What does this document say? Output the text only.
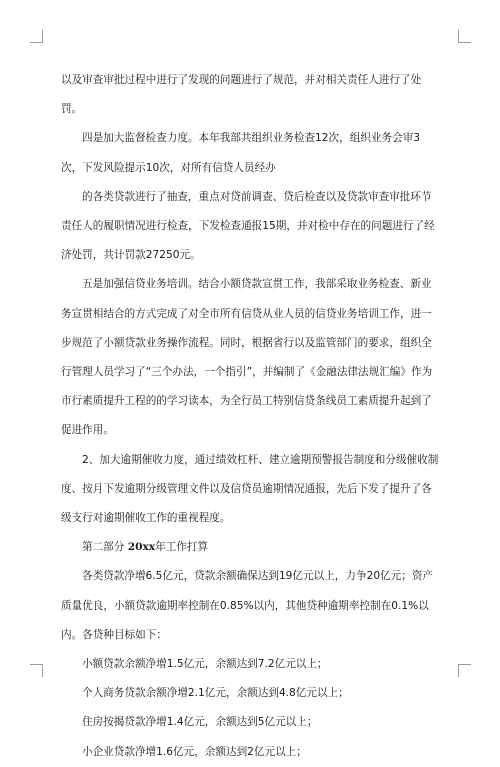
以及审查审批过程中进行了发现的问题进行了规范，并对相关责任人进行了处罚。

四是加大监督检查力度。本年我部共组织业务检查12次，组织业务会审3次，下发风险提示10次，对所有信贷人员经办

的各类贷款进行了抽查，重点对贷前调查、贷后检查以及贷款审查审批环节责任人的履职情况进行检查，下发检查通报15期，并对检中存在的问题进行了经济处罚，共计罚款27250元。

五是加强信贷业务培训。结合小额贷款宣贯工作，我部采取业务检查、新业务宣贯相结合的方式完成了对全市所有信贷从业人员的信贷业务培训工作，进一步规范了小额贷款业务操作流程。同时，根据省行以及监管部门的要求，组织全行管理人员学习了“三个办法，一个指引”，并编制了《金融法律法规汇编》作为市行素质提升工程的的学习读本，为全行员工特别信贷条线员工素质提升起到了促进作用。

2、加大逾期催收力度，通过绩效杠杆、建立逾期预警报告制度和分级催收制度、按月下发逾期分级管理文件以及信贷员逾期情况通报，先后下发了提升了各级支行对逾期催收工作的重视程度。

第二部分 20xx年工作打算

各类贷款净增6.5亿元，贷款余额确保达到19亿元以上，力争20亿元；资产质量优良，小额贷款逾期率控制在0.85%以内，其他贷种逾期率控制在0.1%以内。各贷种目标如下：

小额贷款余额净增1.5亿元，余额达到7.2亿元以上；

个人商务贷款余额净增2.1亿元，余额达到4.8亿元以上；

住房按揭贷款净增1.4亿元，余额达到5亿元以上；

小企业贷款净增1.6亿元，余额达到2亿元以上；
